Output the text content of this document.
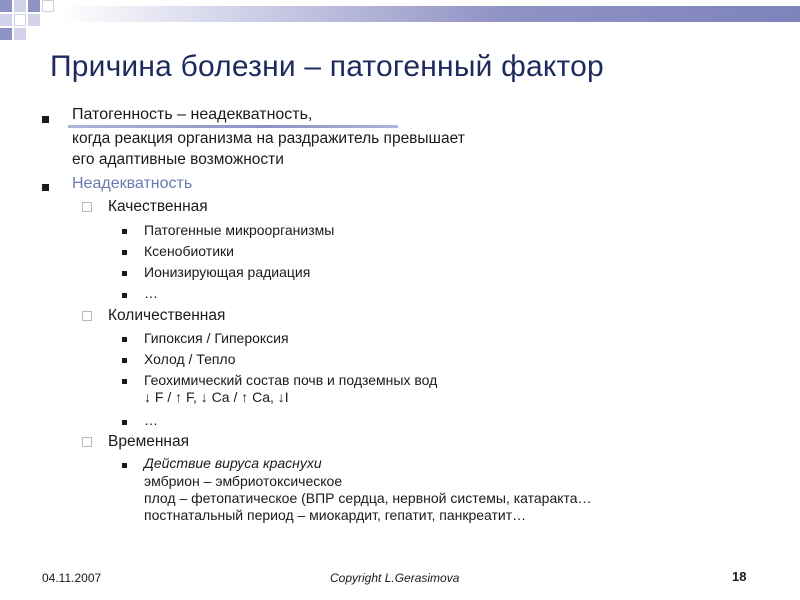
Причина болезни – патогенный фактор
Патогенность – неадекватность,
когда реакция организма на раздражитель превышает
его адаптивные возможности
Неадекватность
Качественная
Патогенные микроорганизмы
Ксенобиотики
Ионизирующая радиация
…
Количественная
Гипоксия / Гипероксия
Холод / Тепло
Геохимический состав почв и подземных вод
↓ F / ↑ F, ↓ Ca / ↑ Ca, ↓I
…
Временная
Действие вируса краснухи
эмбрион – эмбриотоксическое
плод – фетопатическое (ВПР сердца, нервной системы, катаракта…
постнатальный период – миокардит, гепатит, панкреатит…
04.11.2007	Copyright L.Gerasimova	18
